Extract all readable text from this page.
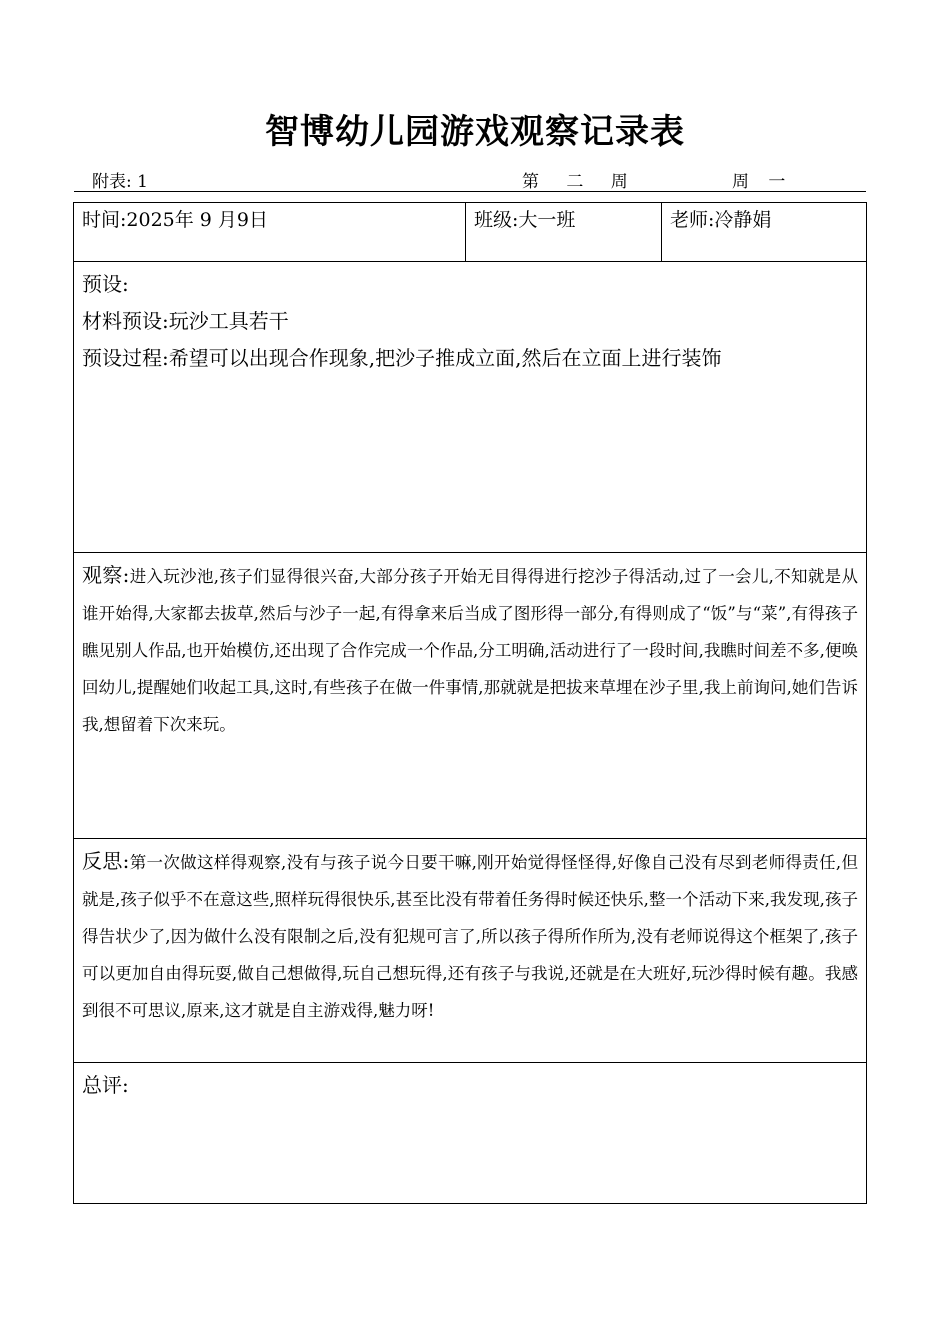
智博幼儿园游戏观察记录表
附表: 1	第 二 周	周 一
时间:2025年 9 月9日	班级:大一班	老师:冷静娟
预设:
材料预设:玩沙工具若干
预设过程:希望可以出现合作现象,把沙子推成立面,然后在立面上进行装饰
观察:进入玩沙池,孩子们显得很兴奋,大部分孩子开始无目得得进行挖沙子得活动,过了一会儿,不知就是从谁开始得,大家都去拔草,然后与沙子一起,有得拿来后当成了图形得一部分,有得则成了“饭”与“菜”,有得孩子瞧见别人作品,也开始模仿,还出现了合作完成一个作品,分工明确,活动进行了一段时间,我瞧时间差不多,便唤回幼儿,提醒她们收起工具,这时,有些孩子在做一件事情,那就就是把拔来草埋在沙子里,我上前询问,她们告诉我,想留着下次来玩。
反思:第一次做这样得观察,没有与孩子说今日要干嘛,刚开始觉得怪怪得,好像自己没有尽到老师得责任,但就是,孩子似乎不在意这些,照样玩得很快乐,甚至比没有带着任务得时候还快乐,整一个活动下来,我发现,孩子得告状少了,因为做什么没有限制之后,没有犯规可言了,所以孩子得所作所为,没有老师说得这个框架了,孩子可以更加自由得玩耍,做自己想做得,玩自己想玩得,还有孩子与我说,还就是在大班好,玩沙得时候有趣。我感到很不可思议,原来,这才就是自主游戏得,魅力呀!
总评:
